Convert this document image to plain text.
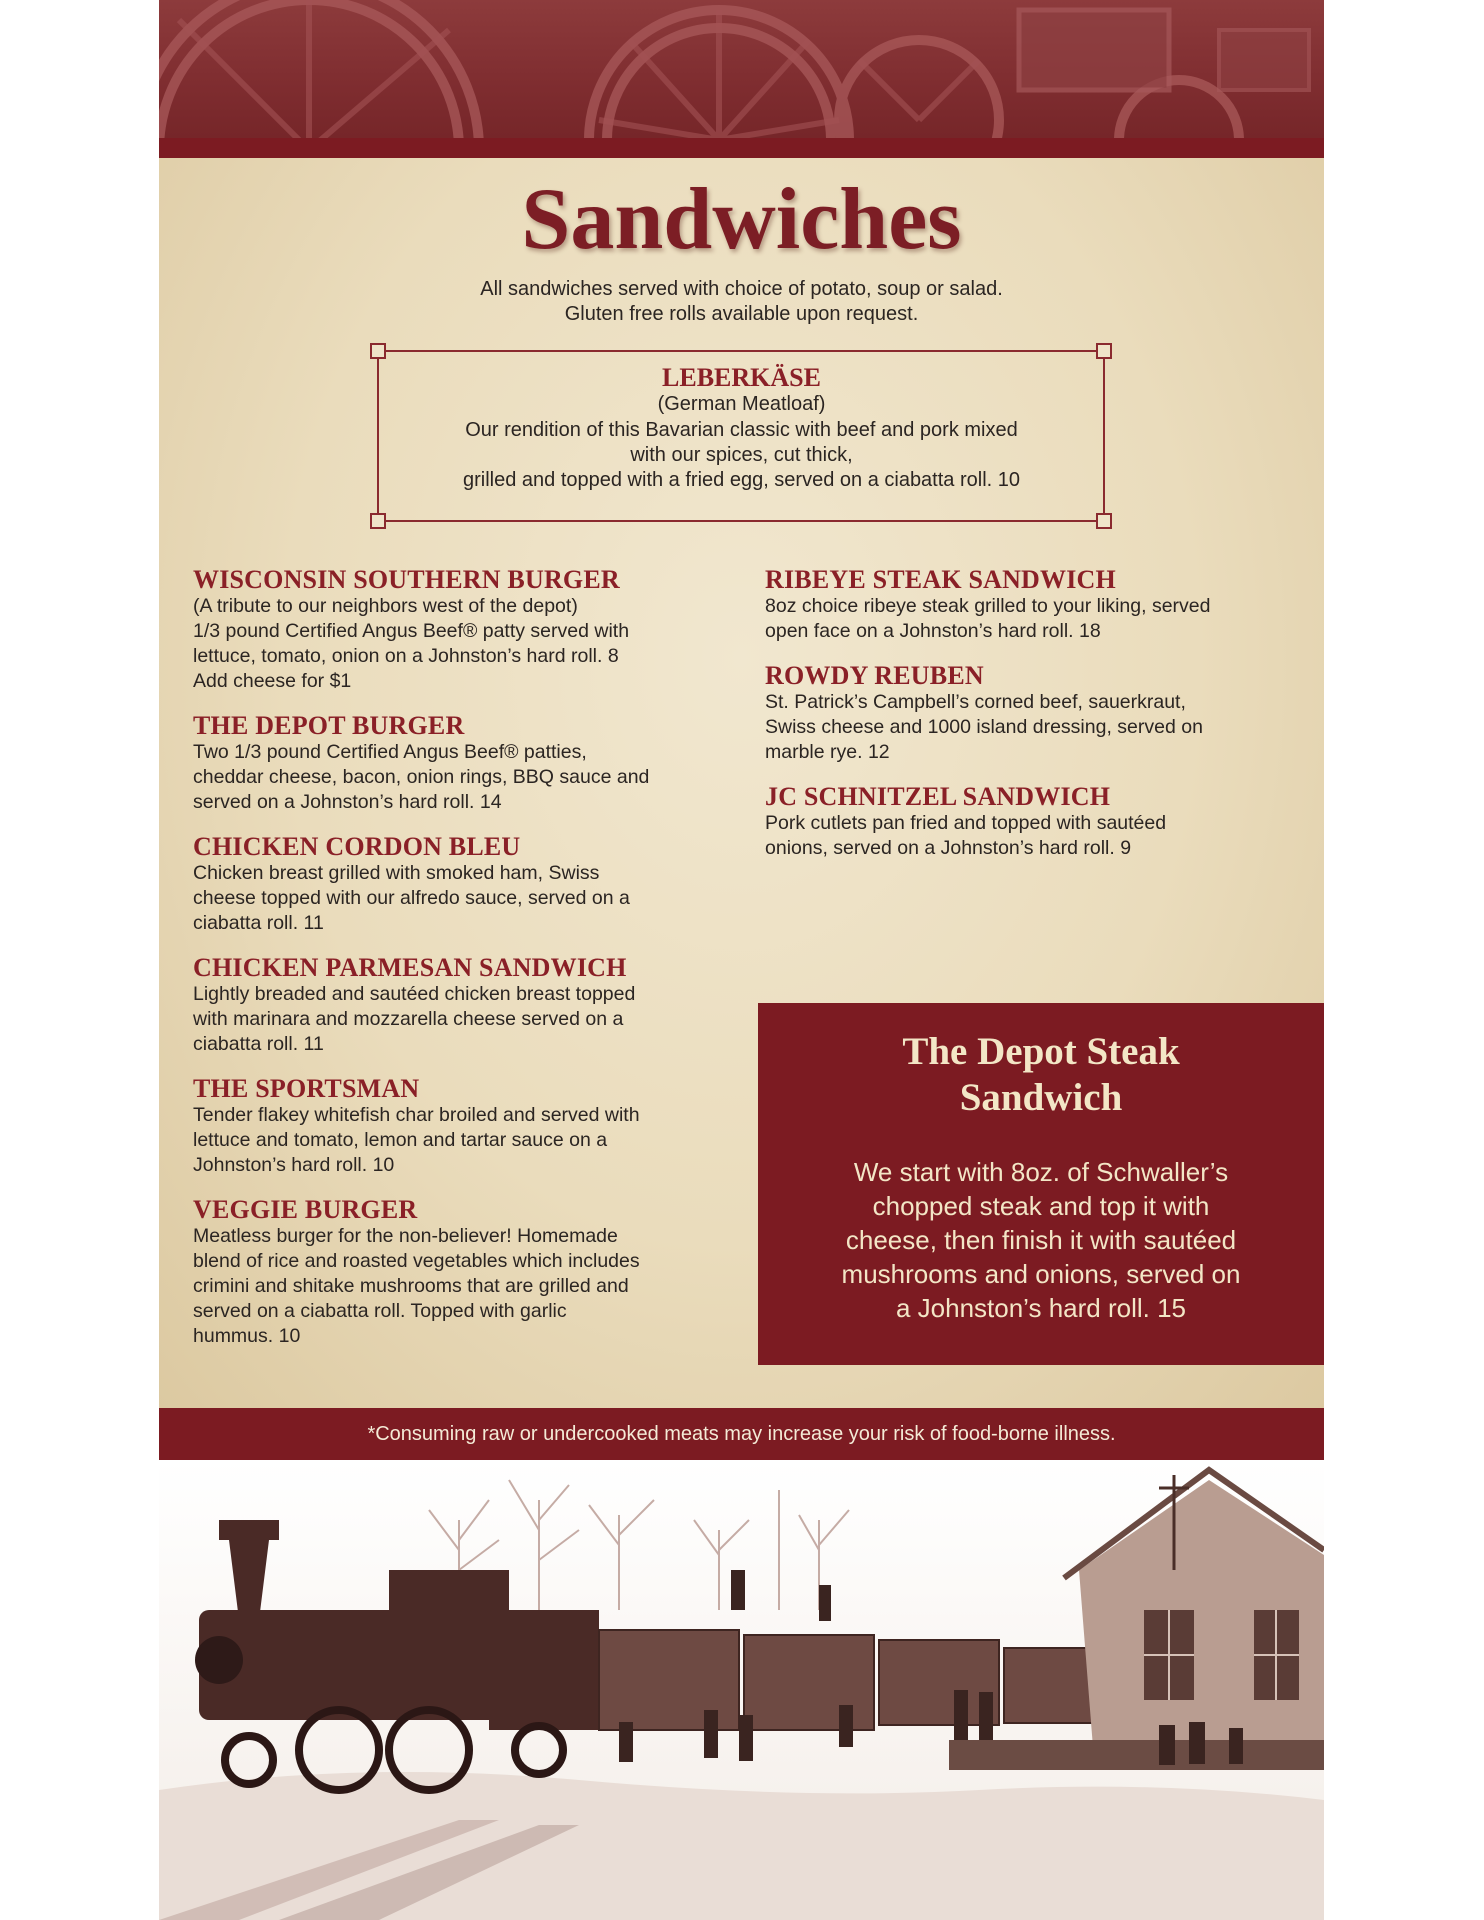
Sandwiches
All sandwiches served with choice of potato, soup or salad.
Gluten free rolls available upon request.
LEBERKÄSE
(German Meatloaf)
Our rendition of this Bavarian classic with beef and pork mixed
with our spices, cut thick,
grilled and topped with a fried egg, served on a ciabatta roll. 10
WISCONSIN SOUTHERN BURGER
(A tribute to our neighbors west of the depot)
1/3 pound Certified Angus Beef® patty served with
lettuce, tomato, onion on a Johnston’s hard roll. 8
Add cheese for $1
THE DEPOT BURGER
Two 1/3 pound Certified Angus Beef® patties,
cheddar cheese, bacon, onion rings, BBQ sauce and
served on a Johnston’s hard roll. 14
CHICKEN CORDON BLEU
Chicken breast grilled with smoked ham, Swiss
cheese topped with our alfredo sauce, served on a
ciabatta roll. 11
CHICKEN PARMESAN SANDWICH
Lightly breaded and sautéed chicken breast topped
with marinara and mozzarella cheese served on a
ciabatta roll. 11
THE SPORTSMAN
Tender flakey whitefish char broiled and served with
lettuce and tomato, lemon and tartar sauce on a
Johnston’s hard roll. 10
VEGGIE BURGER
Meatless burger for the non-believer! Homemade
blend of rice and roasted vegetables which includes
crimini and shitake mushrooms that are grilled and
served on a ciabatta roll. Topped with garlic
hummus. 10
RIBEYE STEAK SANDWICH
8oz choice ribeye steak grilled to your liking, served
open face on a Johnston’s hard roll. 18
ROWDY REUBEN
St. Patrick’s Campbell’s corned beef, sauerkraut,
Swiss cheese and 1000 island dressing, served on
marble rye. 12
JC SCHNITZEL SANDWICH
Pork cutlets pan fried and topped with sautéed
onions, served on a Johnston’s hard roll. 9
The Depot Steak
Sandwich
We start with 8oz. of Schwaller’s
chopped steak and top it with
cheese, then finish it with sautéed
mushrooms and onions, served on
a Johnston’s hard roll. 15
*Consuming raw or undercooked meats may increase your risk of food-borne illness.
